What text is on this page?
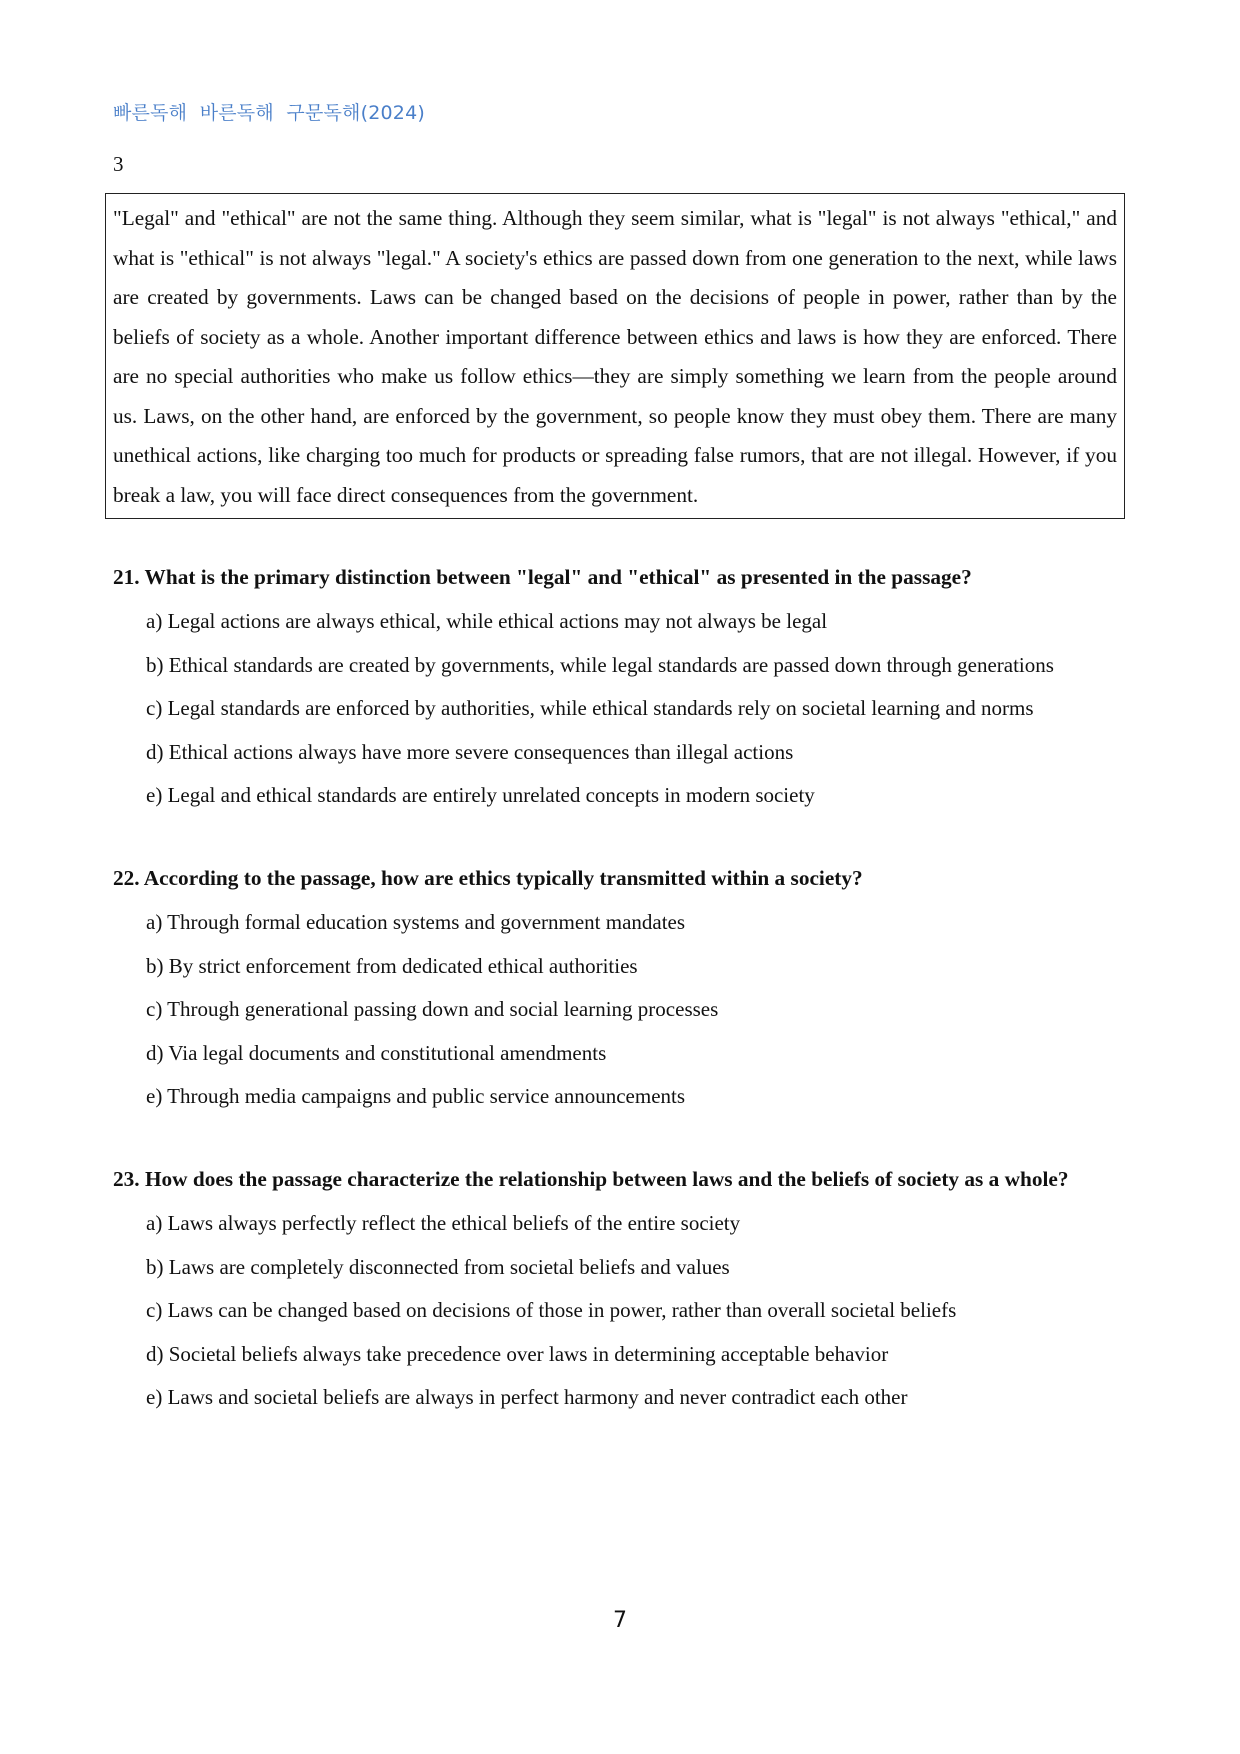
빠른독해  바른독해  구문독해(2024)
3

"Legal" and "ethical" are not the same thing. Although they seem similar, what is "legal" is not always "ethical," and what is "ethical" is not always "legal." A society's ethics are passed down from one generation to the next, while laws are created by governments. Laws can be changed based on the decisions of people in power, rather than by the beliefs of society as a whole. Another important difference between ethics and laws is how they are enforced. There are no special authorities who make us follow ethics—they are simply something we learn from the people around us. Laws, on the other hand, are enforced by the government, so people know they must obey them. There are many unethical actions, like charging too much for products or spreading false rumors, that are not illegal. However, if you break a law, you will face direct consequences from the government.

21. What is the primary distinction between "legal" and "ethical" as presented in the passage?

a) Legal actions are always ethical, while ethical actions may not always be legal
b) Ethical standards are created by governments, while legal standards are passed down through generations
c) Legal standards are enforced by authorities, while ethical standards rely on societal learning and norms
d) Ethical actions always have more severe consequences than illegal actions
e) Legal and ethical standards are entirely unrelated concepts in modern society

22. According to the passage, how are ethics typically transmitted within a society?

a) Through formal education systems and government mandates
b) By strict enforcement from dedicated ethical authorities
c) Through generational passing down and social learning processes
d) Via legal documents and constitutional amendments
e) Through media campaigns and public service announcements

23. How does the passage characterize the relationship between laws and the beliefs of society as a whole?

a) Laws always perfectly reflect the ethical beliefs of the entire society
b) Laws are completely disconnected from societal beliefs and values
c) Laws can be changed based on decisions of those in power, rather than overall societal beliefs
d) Societal beliefs always take precedence over laws in determining acceptable behavior
e) Laws and societal beliefs are always in perfect harmony and never contradict each other
7
